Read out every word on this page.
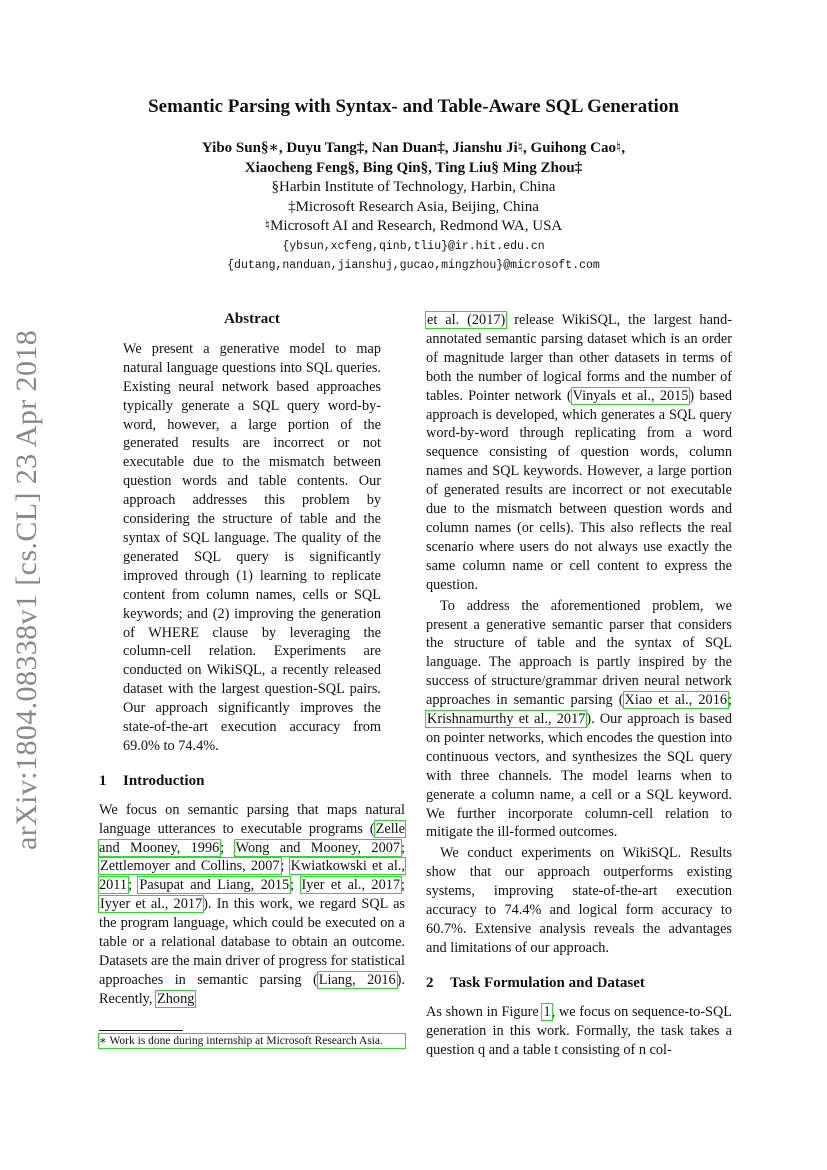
arXiv:1804.08338v1 [cs.CL] 23 Apr 2018
Semantic Parsing with Syntax- and Table-Aware SQL Generation
Yibo Sun§∗, Duyu Tang‡, Nan Duan‡, Jianshu Ji♮, Guihong Cao♮,
Xiaocheng Feng§, Bing Qin§, Ting Liu§ Ming Zhou‡
§Harbin Institute of Technology, Harbin, China
‡Microsoft Research Asia, Beijing, China
♮Microsoft AI and Research, Redmond WA, USA
{ybsun,xcfeng,qinb,tliu}@ir.hit.edu.cn
{dutang,nanduan,jianshuj,gucao,mingzhou}@microsoft.com
Abstract

We present a generative model to map natural language questions into SQL queries. Existing neural network based approaches typically generate a SQL query word-by-word, however, a large portion of the generated results are incorrect or not executable due to the mismatch between question words and table contents. Our approach addresses this problem by considering the structure of table and the syntax of SQL language. The quality of the generated SQL query is significantly improved through (1) learning to replicate content from column names, cells or SQL keywords; and (2) improving the generation of WHERE clause by leveraging the column-cell relation. Experiments are conducted on WikiSQL, a recently released dataset with the largest question-SQL pairs. Our approach significantly improves the state-of-the-art execution accuracy from 69.0% to 74.4%.

1 Introduction

We focus on semantic parsing that maps natural language utterances to executable programs (Zelle and Mooney, 1996; Wong and Mooney, 2007; Zettlemoyer and Collins, 2007; Kwiatkowski et al., 2011; Pasupat and Liang, 2015; Iyer et al., 2017; Iyyer et al., 2017). In this work, we regard SQL as the program language, which could be executed on a table or a relational database to obtain an outcome. Datasets are the main driver of progress for statistical approaches in semantic parsing (Liang, 2016). Recently, Zhong

∗ Work is done during internship at Microsoft Research Asia.

et al. (2017) release WikiSQL, the largest hand-annotated semantic parsing dataset which is an order of magnitude larger than other datasets in terms of both the number of logical forms and the number of tables. Pointer network (Vinyals et al., 2015) based approach is developed, which generates a SQL query word-by-word through replicating from a word sequence consisting of question words, column names and SQL keywords. However, a large portion of generated results are incorrect or not executable due to the mismatch between question words and column names (or cells). This also reflects the real scenario where users do not always use exactly the same column name or cell content to express the question.

To address the aforementioned problem, we present a generative semantic parser that considers the structure of table and the syntax of SQL language. The approach is partly inspired by the success of structure/grammar driven neural network approaches in semantic parsing (Xiao et al., 2016; Krishnamurthy et al., 2017). Our approach is based on pointer networks, which encodes the question into continuous vectors, and synthesizes the SQL query with three channels. The model learns when to generate a column name, a cell or a SQL keyword. We further incorporate column-cell relation to mitigate the ill-formed outcomes.

We conduct experiments on WikiSQL. Results show that our approach outperforms existing systems, improving state-of-the-art execution accuracy to 74.4% and logical form accuracy to 60.7%. Extensive analysis reveals the advantages and limitations of our approach.

2 Task Formulation and Dataset

As shown in Figure 1, we focus on sequence-to-SQL generation in this work. Formally, the task takes a question q and a table t consisting of n col-
